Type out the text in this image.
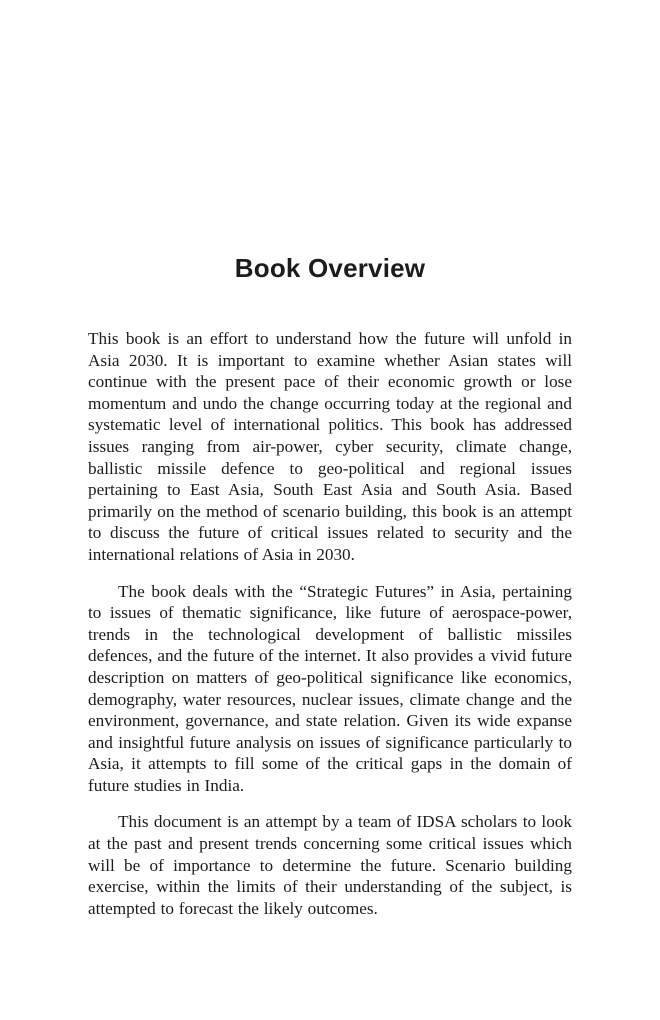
Book Overview

This book is an effort to understand how the future will unfold in Asia 2030. It is important to examine whether Asian states will continue with the present pace of their economic growth or lose momentum and undo the change occurring today at the regional and systematic level of international politics. This book has addressed issues ranging from air-power, cyber security, climate change, ballistic missile defence to geo-political and regional issues pertaining to East Asia, South East Asia and South Asia. Based primarily on the method of scenario building, this book is an attempt to discuss the future of critical issues related to security and the international relations of Asia in 2030.

The book deals with the “Strategic Futures” in Asia, pertaining to issues of thematic significance, like future of aerospace-power, trends in the technological development of ballistic missiles defences, and the future of the internet. It also provides a vivid future description on matters of geo-political significance like economics, demography, water resources, nuclear issues, climate change and the environment, governance, and state relation. Given its wide expanse and insightful future analysis on issues of significance particularly to Asia, it attempts to fill some of the critical gaps in the domain of future studies in India.

This document is an attempt by a team of IDSA scholars to look at the past and present trends concerning some critical issues which will be of importance to determine the future. Scenario building exercise, within the limits of their understanding of the subject, is attempted to forecast the likely outcomes.
